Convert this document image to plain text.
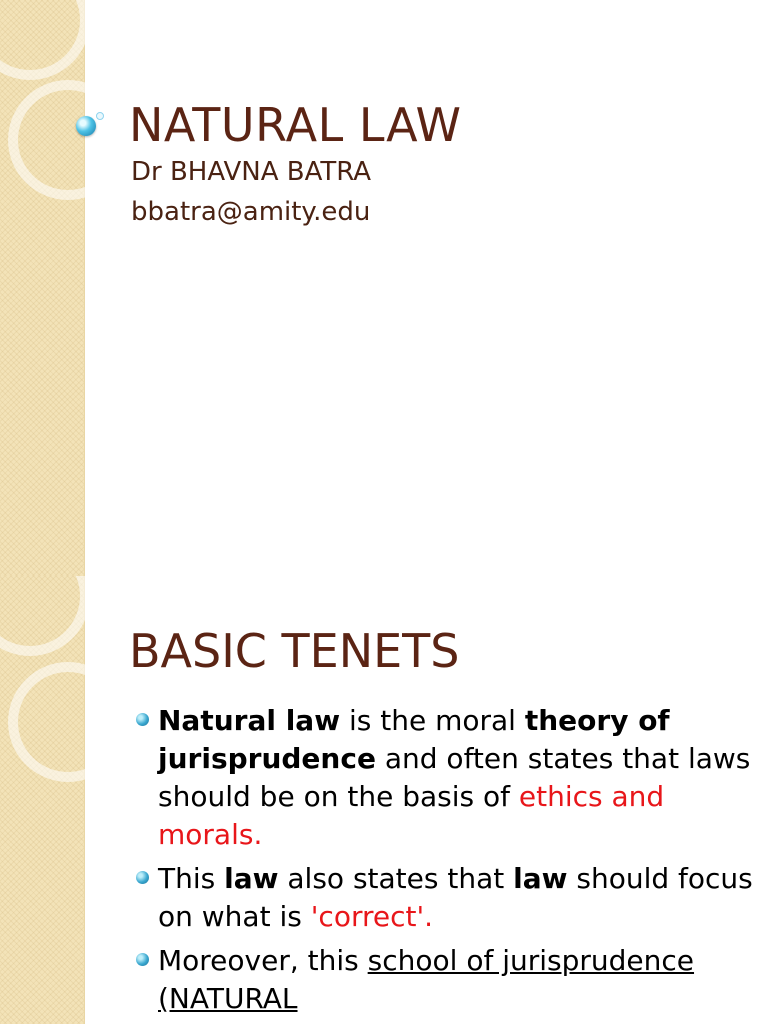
NATURAL LAW

Dr BHAVNA BATRA

bbatra@amity.edu

BASIC TENETS
Natural law is the moral theory of jurisprudence and often states that laws should be on the basis of ethics and morals.
This law also states that law should focus on what is 'correct'.
Moreover, this school of jurisprudence (NATURAL
